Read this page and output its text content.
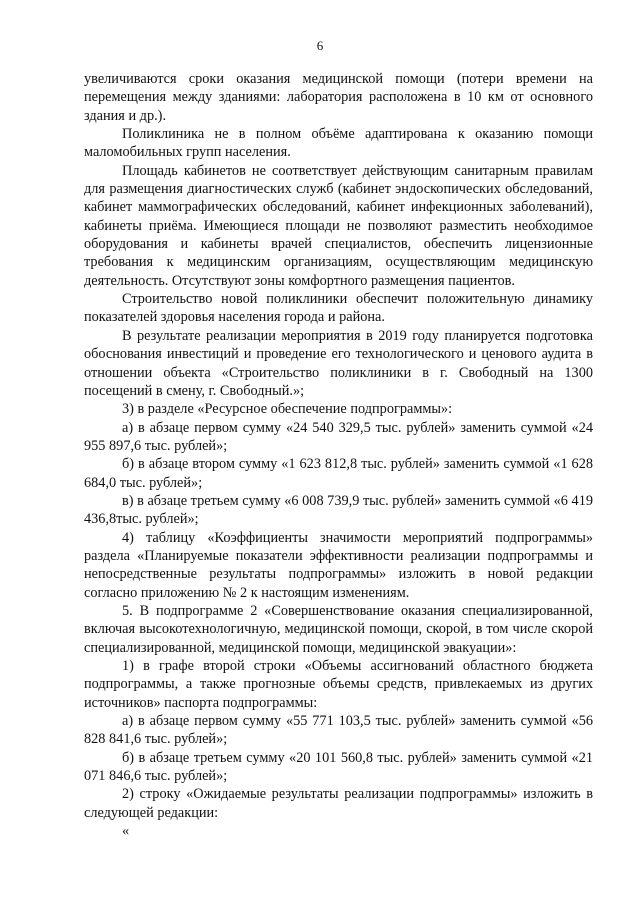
6

увеличиваются сроки оказания медицинской помощи (потери времени на перемещения между зданиями: лаборатория расположена в 10 км от основного здания и др.).

Поликлиника не в полном объёме адаптирована к оказанию помощи маломобильных групп населения.

Площадь кабинетов не соответствует действующим санитарным правилам для размещения диагностических служб (кабинет эндоскопических обследований, кабинет маммографических обследований, кабинет инфекционных заболеваний), кабинеты приёма. Имеющиеся площади не позволяют разместить необходимое оборудования и кабинеты врачей специалистов, обеспечить лицензионные требования к медицинским организациям, осуществляющим медицинскую деятельность. Отсутствуют зоны комфортного размещения пациентов.

Строительство новой поликлиники обеспечит положительную динамику показателей здоровья населения города и района.

В результате реализации мероприятия в 2019 году планируется подготовка обоснования инвестиций и проведение его технологического и ценового аудита в отношении объекта «Строительство поликлиники в г. Свободный на 1300 посещений в смену, г. Свободный.»;

3) в разделе «Ресурсное обеспечение подпрограммы»:

а) в абзаце первом сумму «24 540 329,5 тыс. рублей» заменить суммой «24 955 897,6 тыс. рублей»;

б) в абзаце втором сумму «1 623 812,8 тыс. рублей» заменить суммой «1 628 684,0 тыс. рублей»;

в) в абзаце третьем сумму «6 008 739,9 тыс. рублей» заменить суммой «6 419 436,8тыс. рублей»;

4) таблицу «Коэффициенты значимости мероприятий подпрограммы» раздела «Планируемые показатели эффективности реализации подпрограммы и непосредственные результаты подпрограммы» изложить в новой редакции согласно приложению № 2 к настоящим изменениям.

5. В подпрограмме 2 «Совершенствование оказания специализированной, включая высокотехнологичную, медицинской помощи, скорой, в том числе скорой специализированной, медицинской помощи, медицинской эвакуации»:

1) в графе второй строки «Объемы ассигнований областного бюджета подпрограммы, а также прогнозные объемы средств, привлекаемых из других источников» паспорта подпрограммы:

а) в абзаце первом сумму «55 771 103,5 тыс. рублей» заменить суммой «56 828 841,6 тыс. рублей»;

б) в абзаце третьем сумму «20 101 560,8 тыс. рублей» заменить суммой «21 071 846,6 тыс. рублей»;

2) строку «Ожидаемые результаты реализации подпрограммы» изложить в следующей редакции:

«
